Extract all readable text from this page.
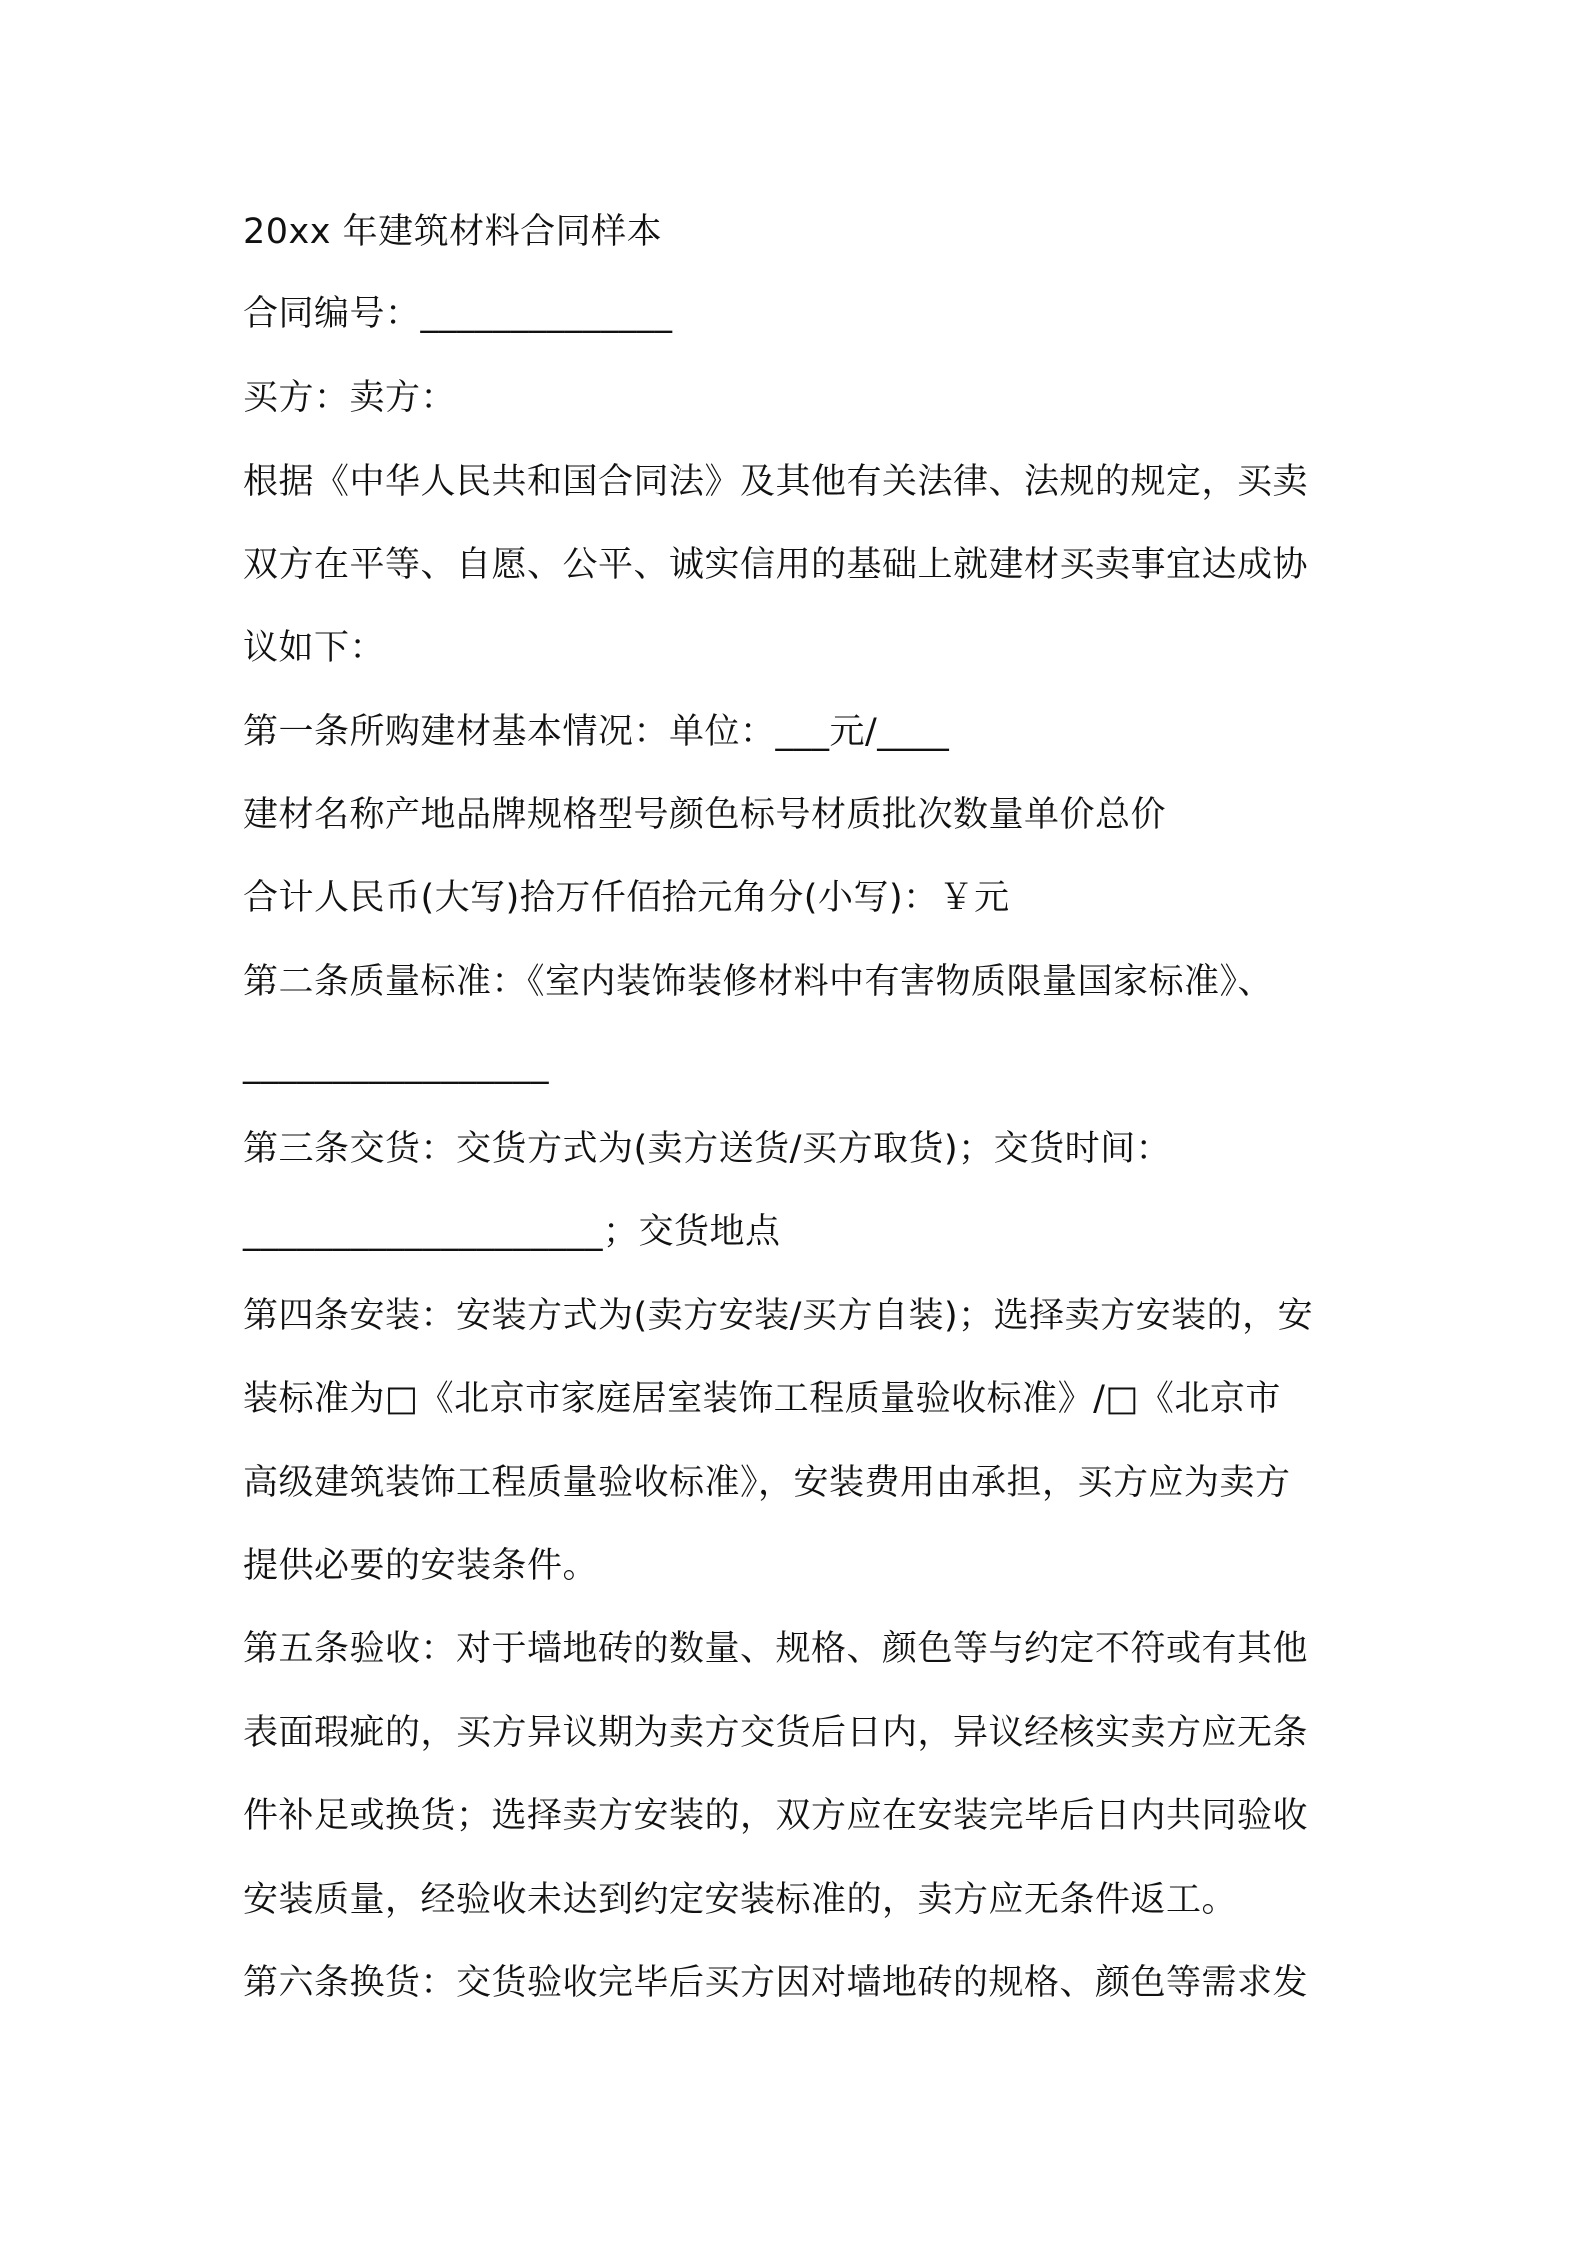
20xx 年建筑材料合同样本
合同编号：______________
买方：卖方：
根据《中华人民共和国合同法》及其他有关法律、法规的规定，买卖
双方在平等、自愿、公平、诚实信用的基础上就建材买卖事宜达成协
议如下：
第一条所购建材基本情况：单位：___元/____
建材名称产地品牌规格型号颜色标号材质批次数量单价总价
合计人民币(大写)拾万仟佰拾元角分(小写)：￥元
第二条质量标准：《室内装饰装修材料中有害物质限量国家标准》、
_________________
第三条交货：交货方式为(卖方送货/买方取货)；交货时间：
____________________；交货地点
第四条安装：安装方式为(卖方安装/买方自装)；选择卖方安装的，安
装标准为□《北京市家庭居室装饰工程质量验收标准》/□《北京市
高级建筑装饰工程质量验收标准》，安装费用由承担，买方应为卖方
提供必要的安装条件。
第五条验收：对于墙地砖的数量、规格、颜色等与约定不符或有其他
表面瑕疵的，买方异议期为卖方交货后日内，异议经核实卖方应无条
件补足或换货；选择卖方安装的，双方应在安装完毕后日内共同验收
安装质量，经验收未达到约定安装标准的，卖方应无条件返工。
第六条换货：交货验收完毕后买方因对墙地砖的规格、颜色等需求发
